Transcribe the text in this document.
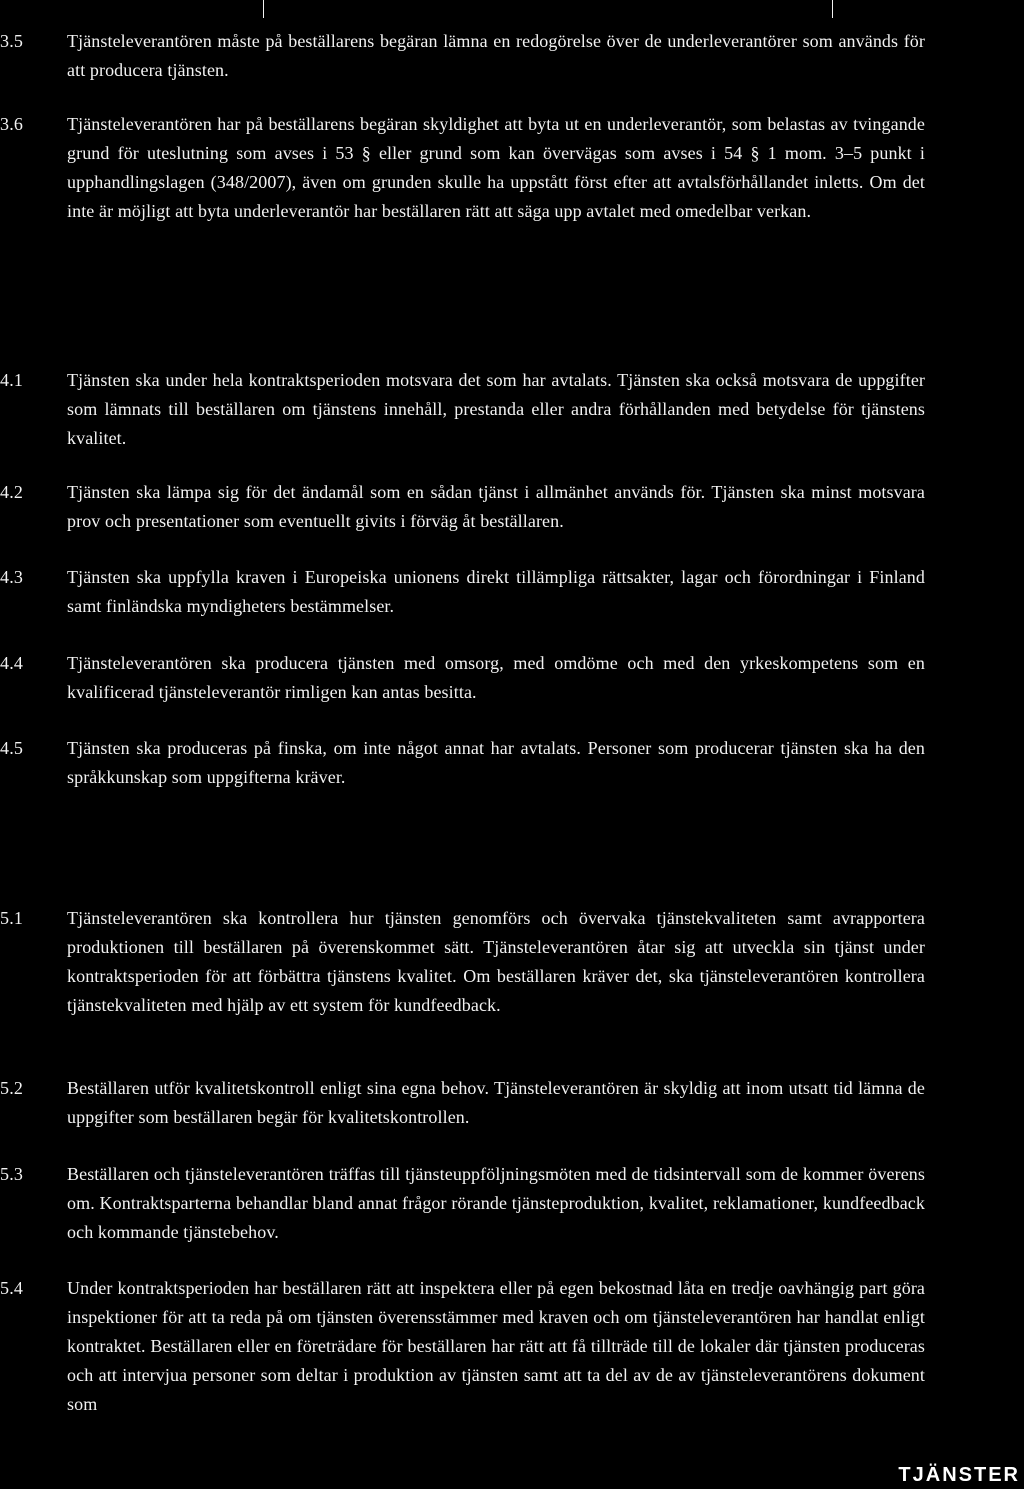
3.5	Tjänsteleverantören måste på beställarens begäran lämna en redogörelse över de underleverantörer som används för att producera tjänsten.
3.6	Tjänsteleverantören har på beställarens begäran skyldighet att byta ut en underleverantör, som belastas av tvingande grund för uteslutning som avses i 53 § eller grund som kan övervägas som avses i 54 § 1 mom. 3–5 punkt i upphandlingslagen (348/2007), även om grunden skulle ha uppstått först efter att avtalsförhållandet inletts. Om det inte är möjligt att byta underleverantör har beställaren rätt att säga upp avtalet med omedelbar verkan.
4.1	Tjänsten ska under hela kontraktsperioden motsvara det som har avtalats. Tjänsten ska också motsvara de uppgifter som lämnats till beställaren om tjänstens innehåll, prestanda eller andra förhållanden med betydelse för tjänstens kvalitet.
4.2	Tjänsten ska lämpa sig för det ändamål som en sådan tjänst i allmänhet används för. Tjänsten ska minst motsvara prov och presentationer som eventuellt givits i förväg åt beställaren.
4.3	Tjänsten ska uppfylla kraven i Europeiska unionens direkt tillämpliga rättsakter, lagar och förordningar i Finland samt finländska myndigheters bestämmelser.
4.4	Tjänsteleverantören ska producera tjänsten med omsorg, med omdöme och med den yrkeskompetens som en kvalificerad tjänsteleverantör rimligen kan antas besitta.
4.5	Tjänsten ska produceras på finska, om inte något annat har avtalats. Personer som producerar tjänsten ska ha den språkkunskap som uppgifterna kräver.
5.1	Tjänsteleverantören ska kontrollera hur tjänsten genomförs och övervaka tjänstekvaliteten samt avrapportera produktionen till beställaren på överenskommet sätt. Tjänsteleverantören åtar sig att utveckla sin tjänst under kontraktsperioden för att förbättra tjänstens kvalitet. Om beställaren kräver det, ska tjänsteleverantören kontrollera tjänstekvaliteten med hjälp av ett system för kundfeedback.
5.2	Beställaren utför kvalitetskontroll enligt sina egna behov. Tjänsteleverantören är skyldig att inom utsatt tid lämna de uppgifter som beställaren begär för kvalitetskontrollen.
5.3	Beställaren och tjänsteleverantören träffas till tjänsteuppföljningsmöten med de tidsintervall som de kommer överens om. Kontraktsparterna behandlar bland annat frågor rörande tjänsteproduktion, kvalitet, reklamationer, kundfeedback och kommande tjänstebehov.
5.4	Under kontraktsperioden har beställaren rätt att inspektera eller på egen bekostnad låta en tredje oavhängig part göra inspektioner för att ta reda på om tjänsten överensstämmer med kraven och om tjänsteleverantören har handlat enligt kontraktet. Beställaren eller en företrädare för beställaren har rätt att få tillträde till de lokaler där tjänsten produceras och att intervjua personer som deltar i produktion av tjänsten samt att ta del av de av tjänsteleverantörens dokument som
TJÄNSTER
